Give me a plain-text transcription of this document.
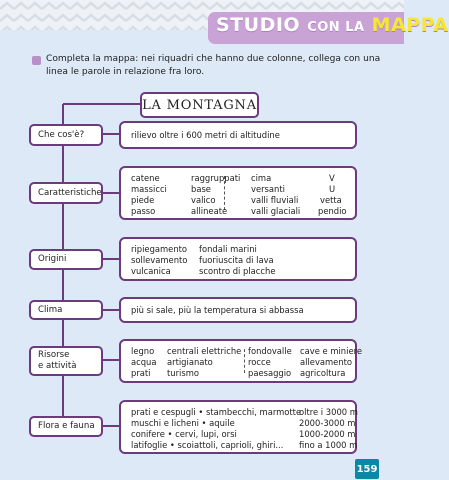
STUDIO CON LA MAPPA
Completa la mappa: nei riquadri che hanno due colonne, collega con una linea le parole in relazione fra loro.
LA MONTAGNA
Che cos'è?	rilievo oltre i 600 metri di altitudine
Caratteristiche
catene
massicci
piede
passo
raggruppati
base
valico
allineate
cima
versanti
valli fluviali
valli glaciali
V
U
vetta
pendio
Origini
ripiegamento
sollevamento
vulcanica
fondali marini
fuoriuscita di lava
scontro di placche
Clima	più si sale, più la temperatura si abbassa
Risorse
e attività
legno
acqua
prati
centrali elettriche
artigianato
turismo
fondovalle
rocce
paesaggio
cave e miniere
allevamento
agricoltura
Flora e fauna
prati e cespugli • stambecchi, marmotte
muschi e licheni • aquile
conifere • cervi, lupi, orsi
latifoglie • scoiattoli, caprioli, ghiri...
oltre i 3000 m
2000-3000 m
1000-2000 m
fino a 1000 m
159
